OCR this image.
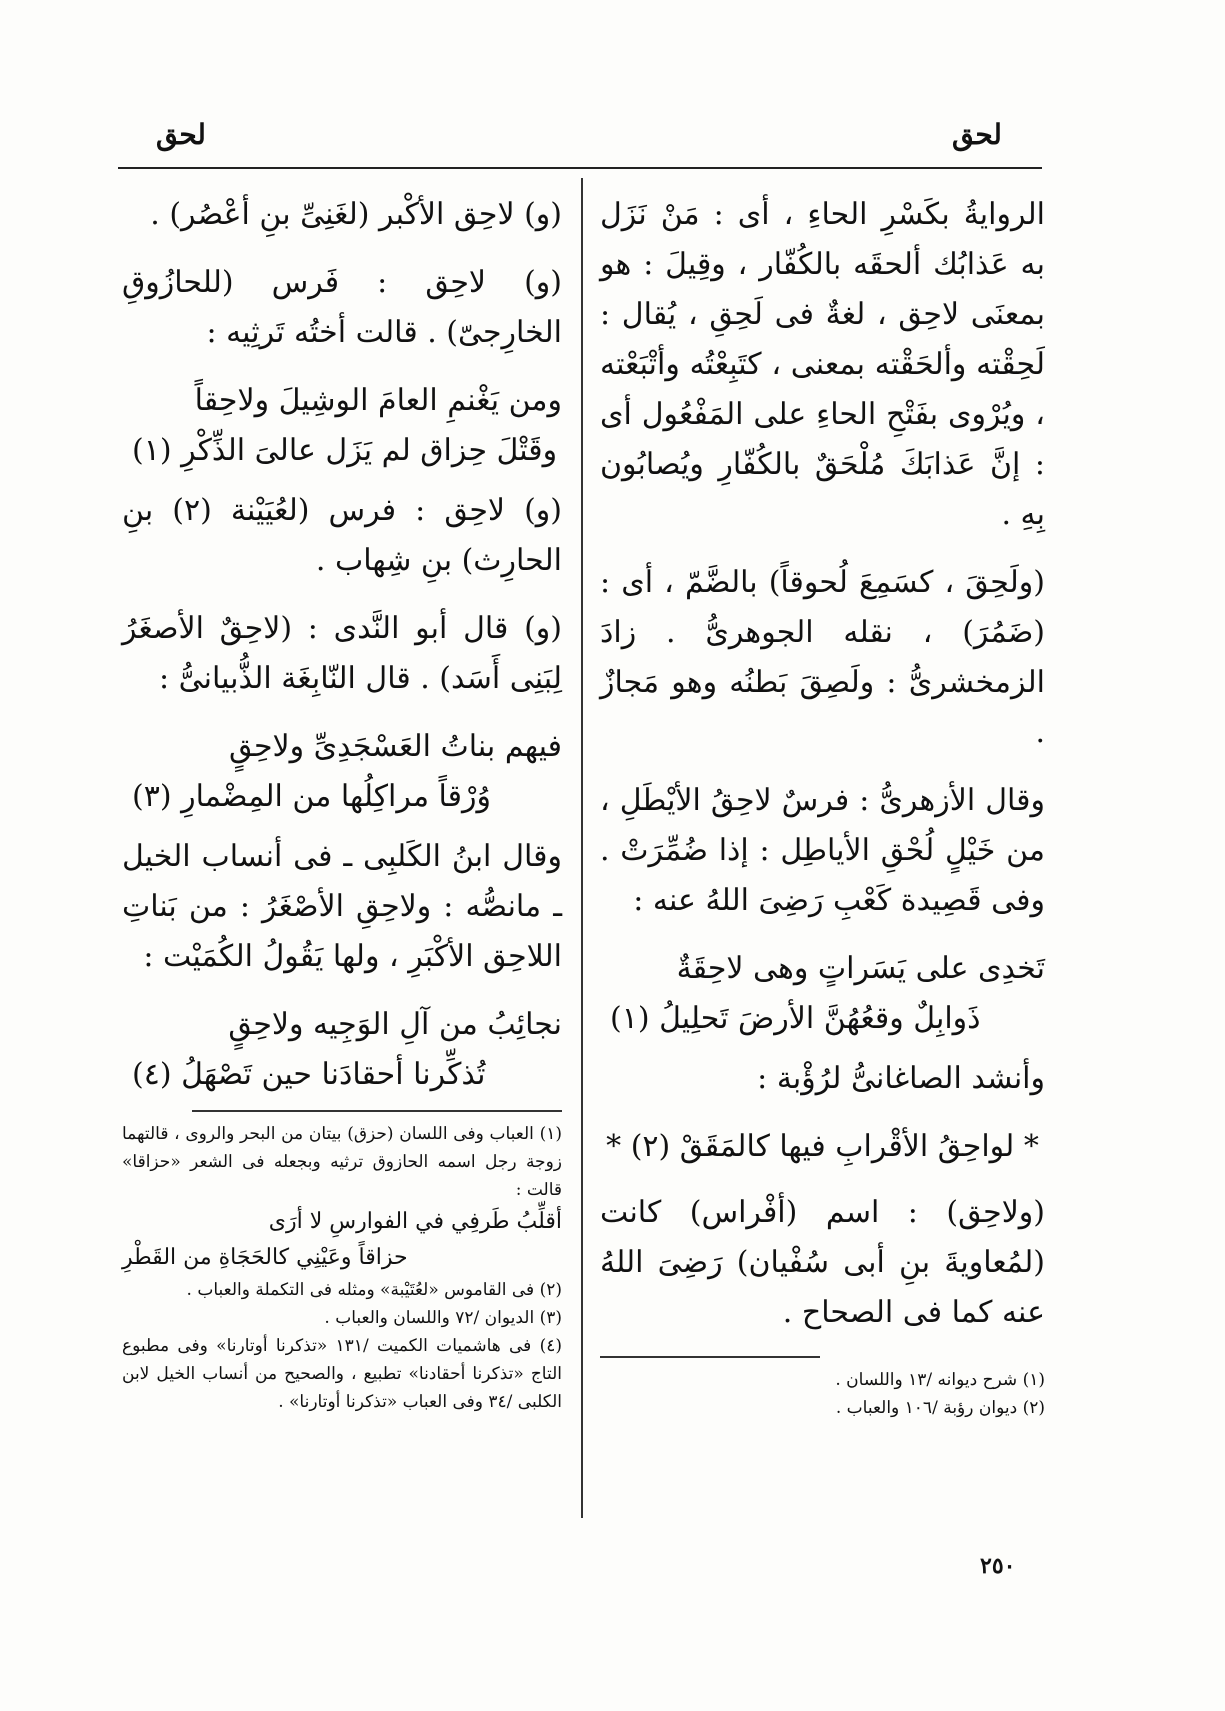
لحق
لحق

الروايةُ بكَسْرِ الحاءِ ، أى : مَنْ نَزَل به عَذابُك ألحقَه بالكُفّار ، وقِيلَ : هو بمعنَى لاحِق ، لغةٌ فى لَحِقِ ، يُقال : لَحِقْته وألحَقْته بمعنى ، كتَبِعْتُه وأتْبَعْته ، ويُرْوى بفَتْحِ الحاءِ على المَفْعُول أى : إنَّ عَذابَكَ مُلْحَقٌ بالكُفّارِ ويُصابُون بِهِ .

(ولَحِقَ ، كسَمِعَ لُحوقاً) بالضَّمّ ، أى : (ضَمُرَ) ، نقله الجوهرىُّ . زادَ الزمخشرىُّ : ولَصِقَ بَطنُه وهو مَجازٌ .

وقال الأزهرىُّ : فرسٌ لاحِقُ الأيْطَلِ ، من خَيْلٍ لُحْقِ الأياطِل : إذا ضُمِّرَتْ . وفى قَصِيدة كَعْبِ رَضِىَ اللهُ عنه :

تَخدِى على يَسَراتٍ وهى لاحِقَةٌ
ذَوابِلٌ وقعُهُنَّ الأرضَ تَحلِيلُ (١)

وأنشد الصاغانىُّ لرُؤْبة :

* لواحِقُ الأقْرابِ فيها كالمَقَقْ (٢) *

(ولاحِق) : اسم (أفْراس) كانت (لمُعاويةَ بنِ أبى سُفْيان) رَضِىَ اللهُ عنه كما فى الصحاح .

(١) شرح ديوانه /١٣ واللسان .
(٢) ديوان رؤبة /١٠٦ والعباب .

(و) لاحِق الأكْبر (لغَنِىِّ بنِ أعْصُر) .

(و) لاحِق : فَرس (للحازُوقِ الخارِجىّ) . قالت أختُه تَرثِيه :

ومن يَغْنمِ العامَ الوشِيلَ ولاحِقاً
وقَتْلَ حِزاق لم يَزَل عالىَ الذِّكْرِ (١)

(و) لاحِق : فرس (لعُيَيْنة (٢) بنِ الحارِث) بنِ شِهاب .

(و) قال أبو النَّدى : (لاحِقٌ الأصغَرُ لِبَنِى أَسَد) . قال النّابِغَة الذُّبيانىُّ :

فيهم بناتُ العَسْجَدِىِّ ولاحِقٍ
وُرْقاً مراكِلُها من المِضْمارِ (٣)

وقال ابنُ الكَلبِى ـ فى أنساب الخيل ـ مانصُّه : ولاحِقِ الأصْغَرُ : من بَناتِ اللاحِق الأكْبَرِ ، ولها يَقُولُ الكُمَيْت :

نجائِبُ من آلِ الوَجِيه ولاحِقٍ
تُذكِّرنا أحقادَنا حين تَصْهَلُ (٤)
(١) العباب وفى اللسان (حزق) بيتان من البحر والروى ، قالتهما زوجة رجل اسمه الحازوق ترثيه وبجعله فى الشعر «حزاقا» قالت :
أقلِّبُ طَرفِي في الفوارسِ لا أرَى
حزاقاً وعَيْنِي كالحَجَاةِ من القَطْرِ
(٢) فى القاموس «لعُتَيْبة» ومثله فى التكملة والعباب .
(٣) الديوان /٧٢ واللسان والعباب .
(٤) فى هاشميات الكميت /١٣١ «تذكرنا أوتارنا» وفى مطبوع التاج «تذكرنا أحقادنا» تطبيع ، والصحيح من أنساب الخيل لابن الكلبى /٣٤ وفى العباب «تذكرنا أوتارنا» .
٢٥٠
